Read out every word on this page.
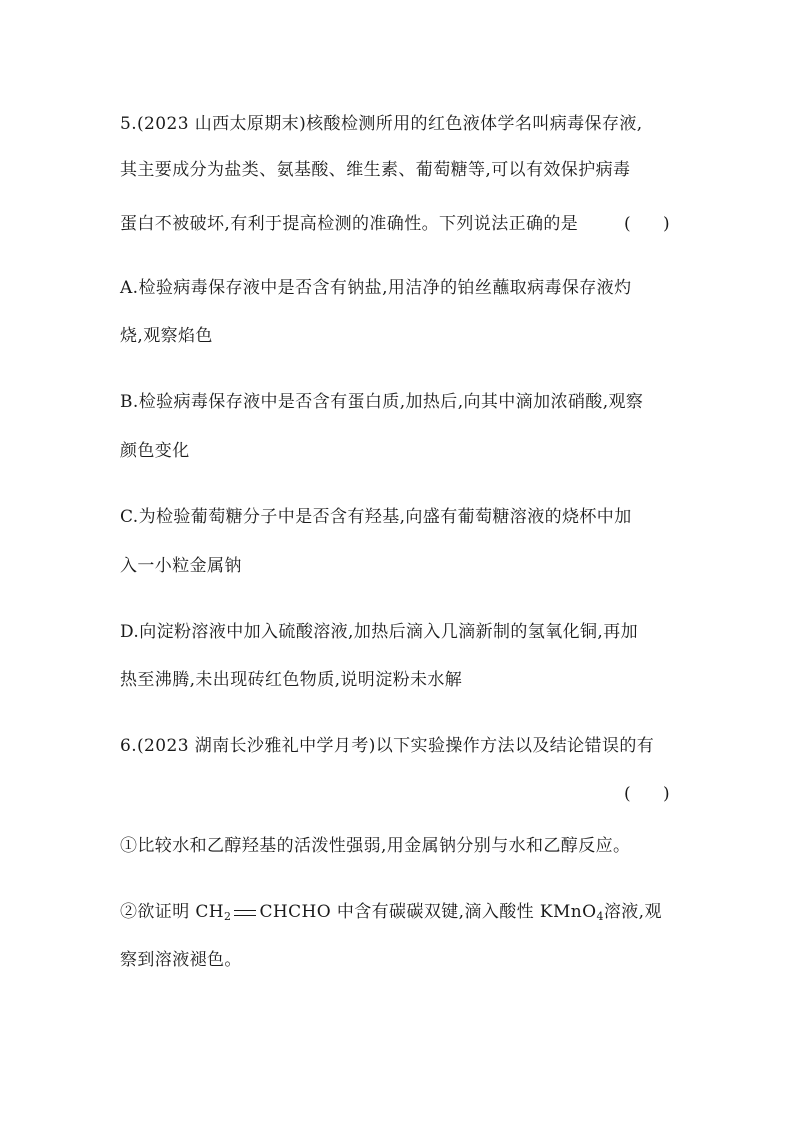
5.(2023 山西太原期末)核酸检测所用的红色液体学名叫病毒保存液,
其主要成分为盐类、氨基酸、维生素、葡萄糖等,可以有效保护病毒
蛋白不被破坏,有利于提高检测的准确性。下列说法正确的是	(      )
A.检验病毒保存液中是否含有钠盐,用洁净的铂丝蘸取病毒保存液灼
烧,观察焰色
B.检验病毒保存液中是否含有蛋白质,加热后,向其中滴加浓硝酸,观察
颜色变化
C.为检验葡萄糖分子中是否含有羟基,向盛有葡萄糖溶液的烧杯中加
入一小粒金属钠
D.向淀粉溶液中加入硫酸溶液,加热后滴入几滴新制的氢氧化铜,再加
热至沸腾,未出现砖红色物质,说明淀粉未水解
6.(2023 湖南长沙雅礼中学月考)以下实验操作方法以及结论错误的有
(      )
①比较水和乙醇羟基的活泼性强弱,用金属钠分别与水和乙醇反应。
②欲证明 $CH_2$ CHCHO 中含有碳碳双键,滴入酸性 KMnO$_4$溶液,观
察到溶液褪色。
